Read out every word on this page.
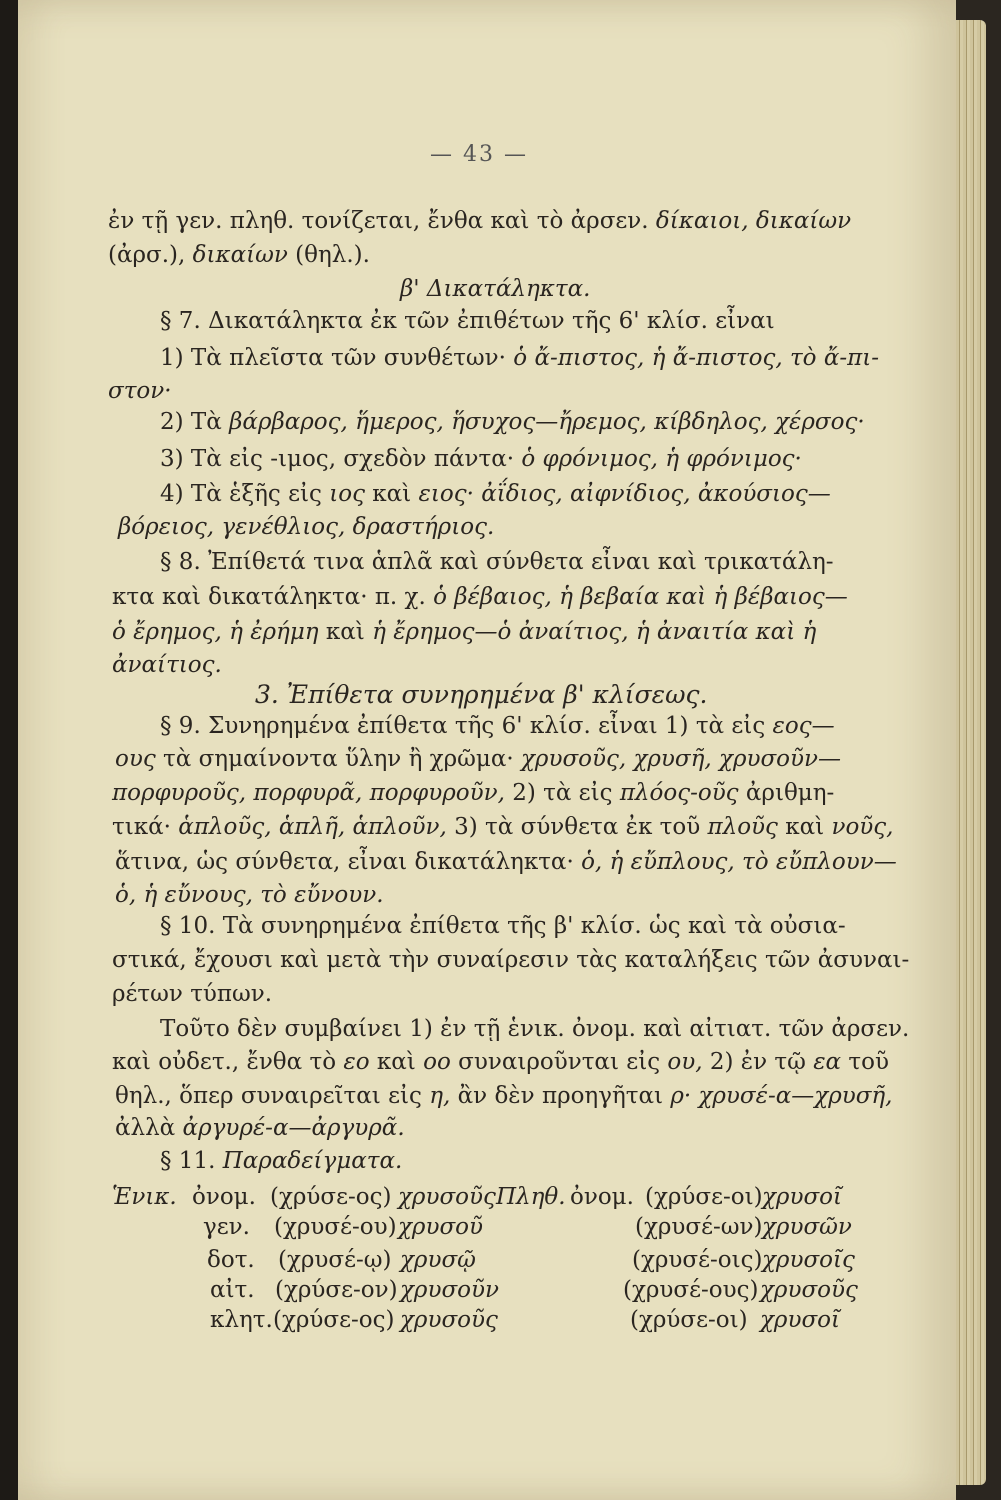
— 43 —
ἐν τῇ γεν. πληθ. τονίζεται, ἔνθα καὶ τὸ ἀρσεν. δίκαιοι, δικαίων
(ἀρσ.), δικαίων (θηλ.).
β' Δικατάληκτα.
§ 7. Δικατάληκτα ἐκ τῶν ἐπιθέτων τῆς 6' κλίσ. εἶναι
1) Τὰ πλεῖστα τῶν συνθέτων· ὁ ἄ-πιστος, ἡ ἄ-πιστος, τὸ ἄ-πι-
στον·
2) Τὰ βάρβαρος, ἥμερος, ἥσυχος—ἤρεμος, κίβδηλος, χέρσος·
3) Τὰ εἰς -ιμος, σχεδὸν πάντα· ὁ φρόνιμος, ἡ φρόνιμος·
4) Τὰ ἑξῆς εἰς ιος καὶ ειος· ἀΐδιος, αἰφνίδιος, ἀκούσιος—
βόρειος, γενέθλιος, δραστήριος.
§ 8. Ἐπίθετά τινα ἁπλᾶ καὶ σύνθετα εἶναι καὶ τρικατάλη-
κτα καὶ δικατάληκτα· π. χ. ὁ βέβαιος, ἡ βεβαία καὶ ἡ βέβαιος—
ὁ ἔρημος, ἡ ἐρήμη καὶ ἡ ἔρημος—ὁ ἀναίτιος, ἡ ἀναιτία καὶ ἡ
ἀναίτιος.
3. Ἐπίθετα συνηρημένα β' κλίσεως.
§ 9. Συνηρημένα ἐπίθετα τῆς 6' κλίσ. εἶναι 1) τὰ εἰς εος—
ους τὰ σημαίνοντα ὕλην ἢ χρῶμα· χρυσοῦς, χρυσῆ, χρυσοῦν—
πορφυροῦς, πορφυρᾶ, πορφυροῦν, 2) τὰ εἰς πλόος-οῦς ἀριθμη-
τικά· ἁπλοῦς, ἁπλῆ, ἁπλοῦν, 3) τὰ σύνθετα ἐκ τοῦ πλοῦς καὶ νοῦς,
ἅτινα, ὡς σύνθετα, εἶναι δικατάληκτα· ὁ, ἡ εὔπλους, τὸ εὔπλουν—
ὁ, ἡ εὔνους, τὸ εὔνουν.
§ 10. Τὰ συνηρημένα ἐπίθετα τῆς β' κλίσ. ὡς καὶ τὰ οὐσια-
στικά, ἔχουσι καὶ μετὰ τὴν συναίρεσιν τὰς καταλήξεις τῶν ἀσυναι-
ρέτων τύπων.
Τοῦτο δὲν συμβαίνει 1) ἐν τῇ ἑνικ. ὀνομ. καὶ αἰτιατ. τῶν ἀρσεν.
καὶ οὐδετ., ἔνθα τὸ εο καὶ οο συναιροῦνται εἰς ου, 2) ἐν τῷ εα τοῦ
θηλ., ὅπερ συναιρεῖται εἰς η, ἂν δὲν προηγῆται ρ· χρυσέ-α—χρυσῆ,
ἀλλὰ ἀργυρέ-α—ἀργυρᾶ.
§ 11. Παραδείγματα.
Ἑνικ. ὀνομ. (χρύσε-ος) χρυσοῦς Πληθ. ὀνομ. (χρύσε-οι) χρυσοῖ
γεν. (χρυσέ-ου) χρυσοῦ	(χρυσέ-ων) χρυσῶν
δοτ. (χρυσέ-ῳ) χρυσῷ	(χρυσέ-οις) χρυσοῖς
αἰτ. (χρύσε-ον) χρυσοῦν	(χρυσέ-ους) χρυσοῦς
κλητ. (χρύσε-ος) χρυσοῦς	(χρύσε-οι) χρυσοῖ
